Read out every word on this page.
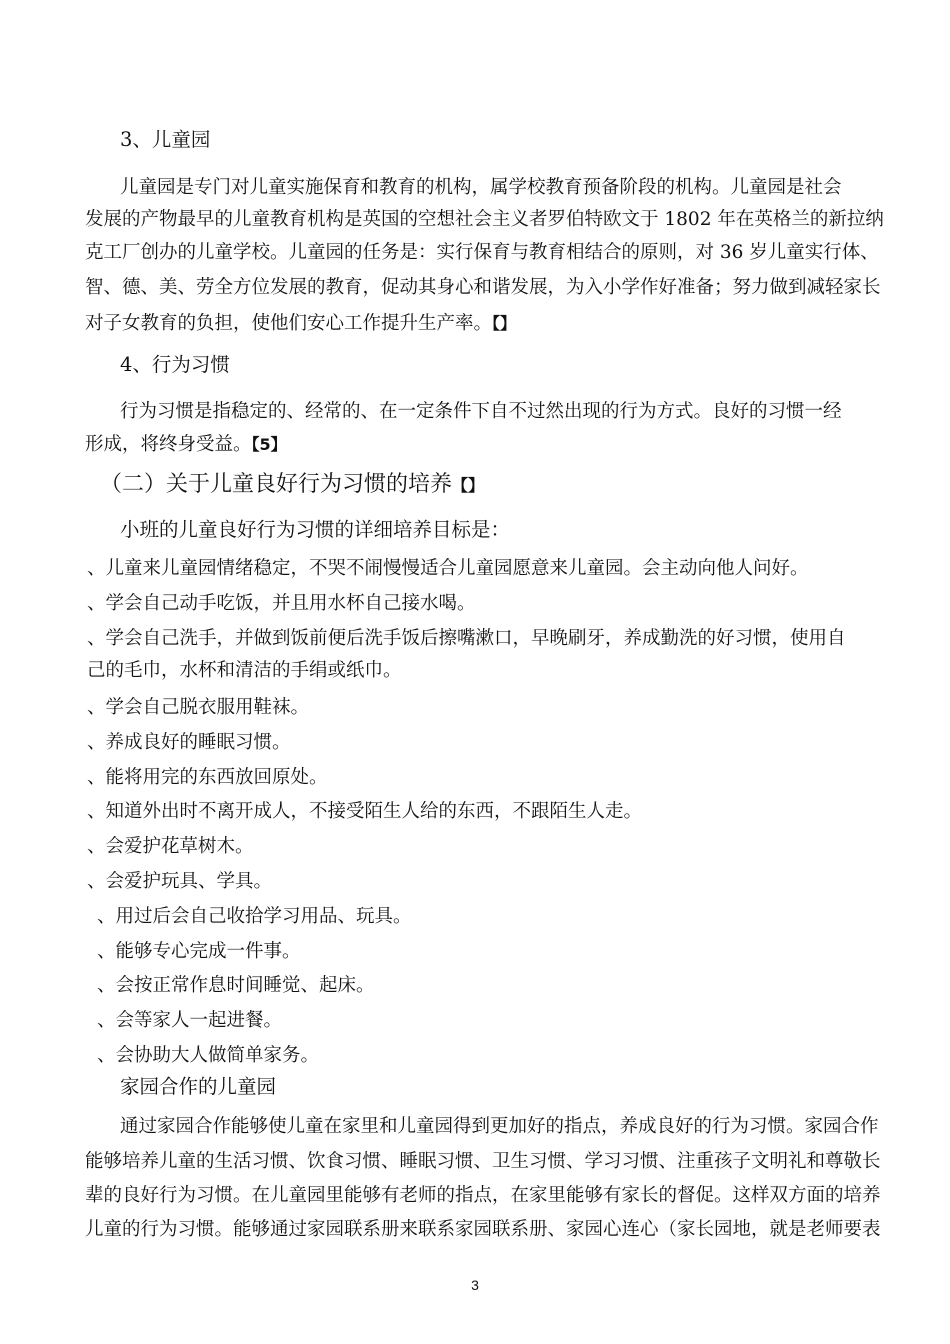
3、儿童园
儿童园是专门对儿童实施保育和教育的机构，属学校教育预备阶段的机构。儿童园是社会
发展的产物最早的儿童教育机构是英国的空想社会主义者罗伯特欧文于 1802 年在英格兰的新拉纳
克工厂创办的儿童学校。儿童园的任务是：实行保育与教育相结合的原则，对 36 岁儿童实行体、
智、德、美、劳全方位发展的教育，促动其身心和谐发展，为入小学作好准备；努力做到减轻家长
对子女教育的负担，使他们安心工作提升生产率。【】
4、行为习惯
行为习惯是指稳定的、经常的、在一定条件下自不过然出现的行为方式。良好的习惯一经
形成，将终身受益。【5】
（二）关于儿童良好行为习惯的培养【】
小班的儿童良好行为习惯的详细培养目标是：
、儿童来儿童园情绪稳定，不哭不闹慢慢适合儿童园愿意来儿童园。会主动向他人问好。
、学会自己动手吃饭，并且用水杯自己接水喝。
、学会自己洗手，并做到饭前便后洗手饭后擦嘴漱口，早晚刷牙，养成勤洗的好习惯，使用自
己的毛巾，水杯和清洁的手绢或纸巾。
、学会自己脱衣服用鞋袜。
、养成良好的睡眠习惯。
、能将用完的东西放回原处。
、知道外出时不离开成人，不接受陌生人给的东西，不跟陌生人走。
、会爱护花草树木。
、会爱护玩具、学具。
、用过后会自己收拾学习用品、玩具。
、能够专心完成一件事。
、会按正常作息时间睡觉、起床。
、会等家人一起进餐。
、会协助大人做简单家务。
家园合作的儿童园
通过家园合作能够使儿童在家里和儿童园得到更加好的指点，养成良好的行为习惯。家园合作
能够培养儿童的生活习惯、饮食习惯、睡眠习惯、卫生习惯、学习习惯、注重孩子文明礼和尊敬长
辈的良好行为习惯。在儿童园里能够有老师的指点，在家里能够有家长的督促。这样双方面的培养
儿童的行为习惯。能够通过家园联系册来联系家园联系册、家园心连心（家长园地，就是老师要表
3
